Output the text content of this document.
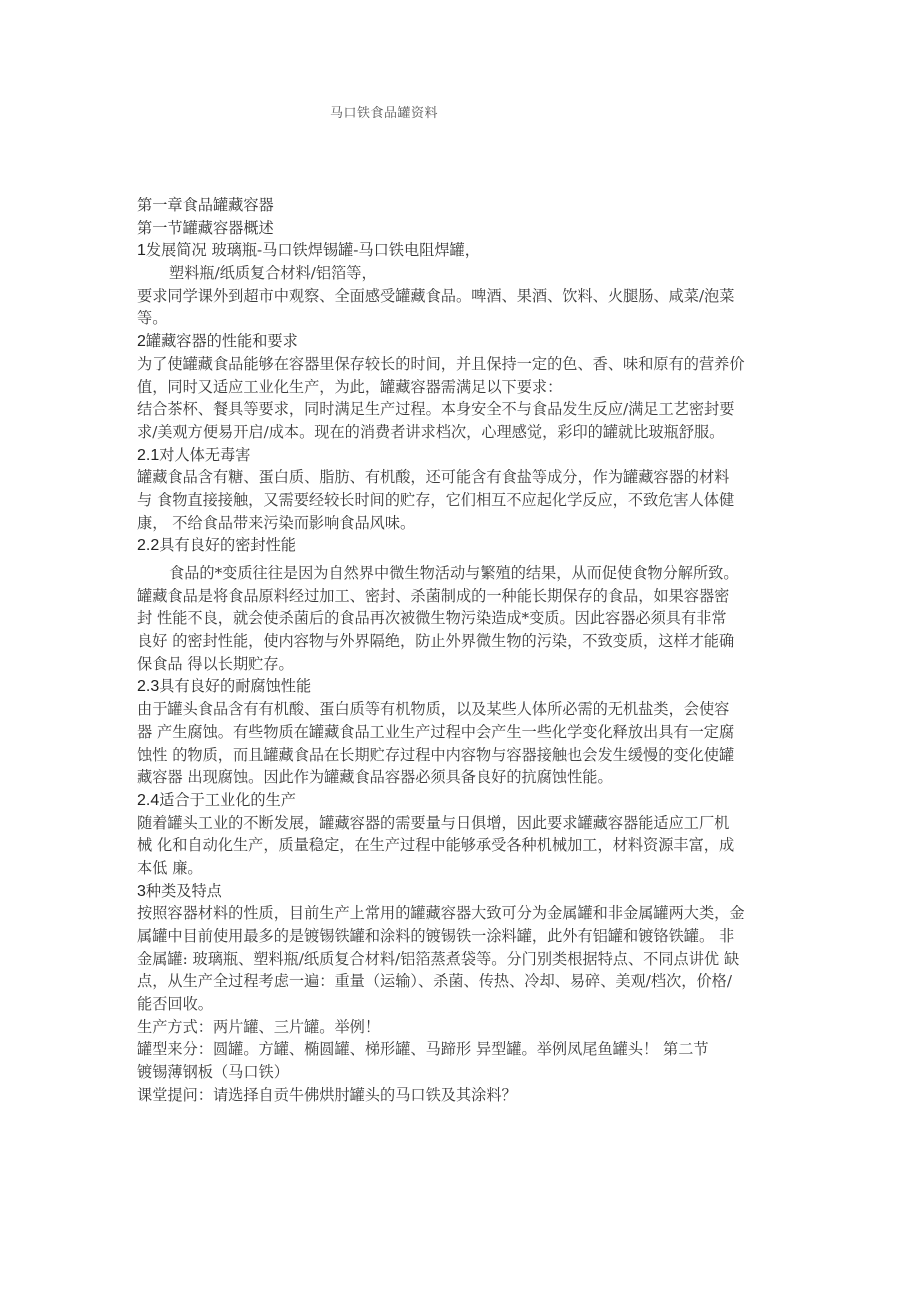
马口铁食品罐资料
第一章食品罐藏容器
第一节罐藏容器概述
1发展简况 玻璃瓶-马口铁焊锡罐-马口铁电阻焊罐，
塑料瓶/纸质复合材料/铝箔等，
要求同学课外到超市中观察、全面感受罐藏食品。啤酒、果酒、饮料、火腿肠、咸菜/泡菜
等。
2罐藏容器的性能和要求
为了使罐藏食品能够在容器里保存较长的时间，并且保持一定的色、香、味和原有的营养价
值，同时又适应工业化生产，为此，罐藏容器需满足以下要求：
结合茶杯、餐具等要求，同时满足生产过程。本身安全不与食品发生反应/满足工艺密封要
求/美观方便易开启/成本。现在的消费者讲求档次，心理感觉，彩印的罐就比玻瓶舒服。
2.1对人体无毒害
罐藏食品含有糖、蛋白质、脂肪、有机酸，还可能含有食盐等成分，作为罐藏容器的材料
与 食物直接接触，又需要经较长时间的贮存，它们相互不应起化学反应，不致危害人体健
康， 不给食品带来污染而影响食品风味。
2.2具有良好的密封性能
食品的*变质往往是因为自然界中微生物活动与繁殖的结果，从而促使食物分解所致。
罐藏食品是将食品原料经过加工、密封、杀菌制成的一种能长期保存的食品，如果容器密
封 性能不良，就会使杀菌后的食品再次被微生物污染造成*变质。因此容器必须具有非常
良好 的密封性能，使内容物与外界隔绝，防止外界微生物的污染，不致变质，这样才能确
保食品 得以长期贮存。
2.3具有良好的耐腐蚀性能
由于罐头食品含有有机酸、蛋白质等有机物质，以及某些人体所必需的无机盐类，会使容
器 产生腐蚀。有些物质在罐藏食品工业生产过程中会产生一些化学变化释放出具有一定腐
蚀性 的物质，而且罐藏食品在长期贮存过程中内容物与容器接触也会发生缓慢的变化使罐
藏容器 出现腐蚀。因此作为罐藏食品容器必须具备良好的抗腐蚀性能。
2.4适合于工业化的生产
随着罐头工业的不断发展，罐藏容器的需要量与日俱增，因此要求罐藏容器能适应工厂机
械 化和自动化生产，质量稳定，在生产过程中能够承受各种机械加工，材料资源丰富，成
本低 廉。
3种类及特点
按照容器材料的性质，目前生产上常用的罐藏容器大致可分为金属罐和非金属罐两大类，金
属罐中目前使用最多的是镀锡铁罐和涂料的镀锡铁一涂料罐，此外有铝罐和镀铬铁罐。 非
金属罐: 玻璃瓶、塑料瓶/纸质复合材料/铝箔蒸煮袋等。分门别类根据特点、不同点讲优 缺
点，从生产全过程考虑一遍：重量（运输）、杀菌、传热、冷却、易碎、美观/档次，价格/
能否回收。
生产方式：两片罐、三片罐。举例！
罐型来分：圆罐。方罐、椭圆罐、梯形罐、马蹄形 异型罐。举例凤尾鱼罐头！ 第二节
镀锡薄钢板（马口铁）
课堂提问：请选择自贡牛佛烘肘罐头的马口铁及其涂料？
